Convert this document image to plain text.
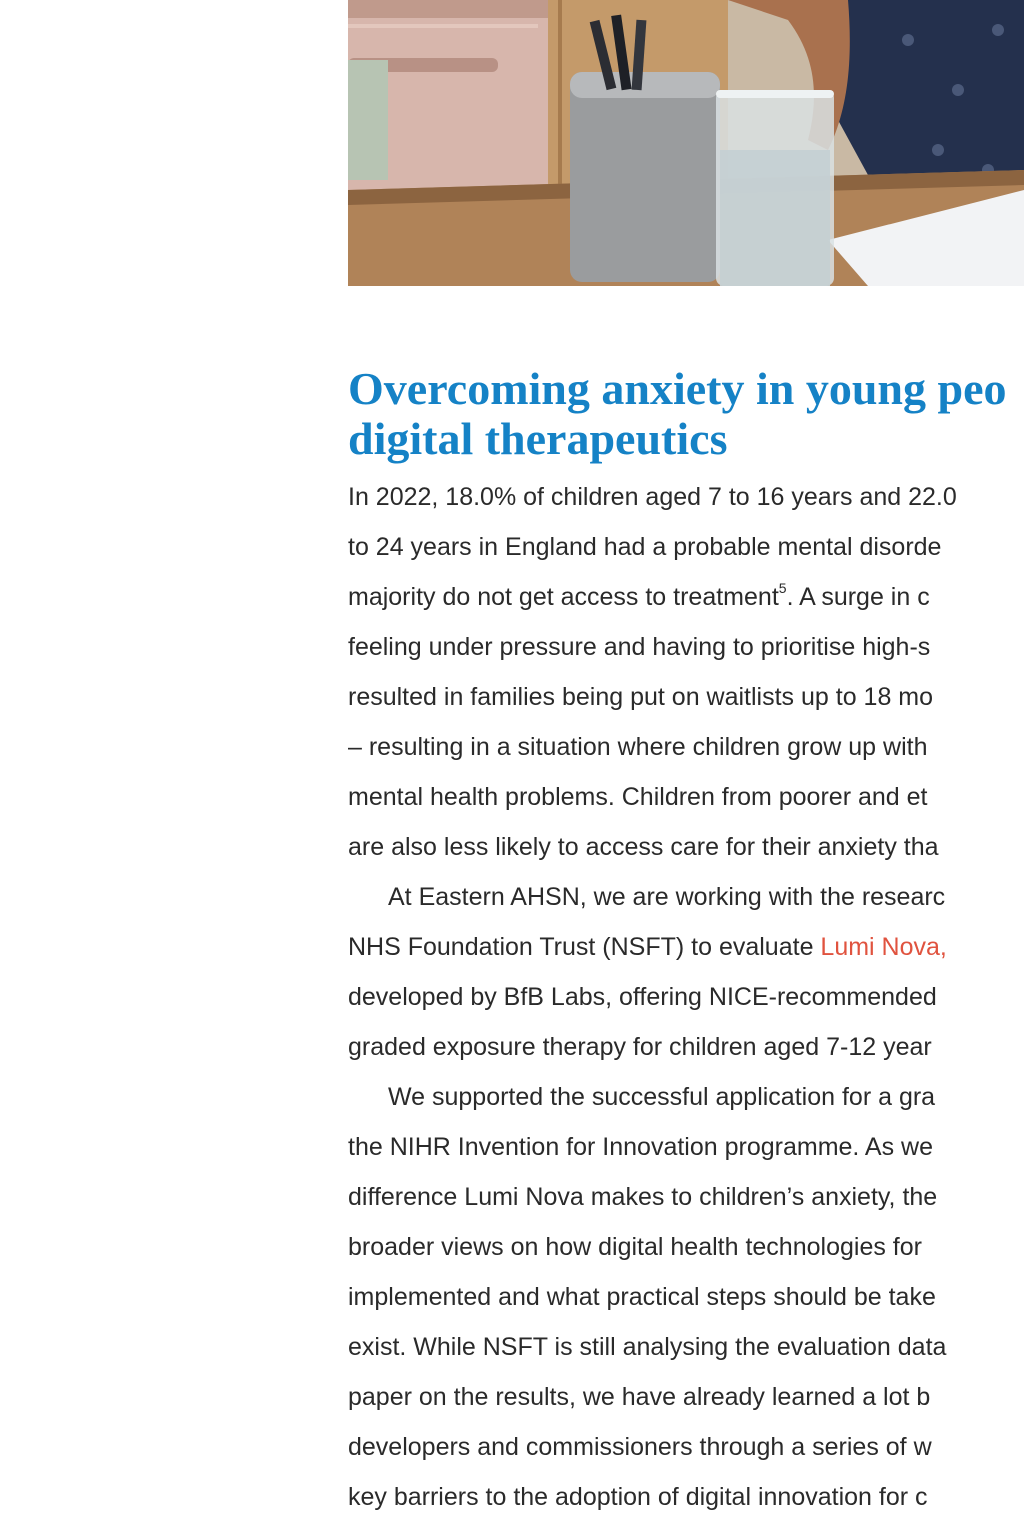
Overcoming anxiety in young peo
digital therapeutics
In 2022, 18.0% of children aged 7 to 16 years and 22.0
to 24 years in England had a probable mental disorde
majority do not get access to treatment$^5$. A surge in c
feeling under pressure and having to prioritise high-s
resulted in families being put on waitlists up to 18 mo
– resulting in a situation where children grow up with
mental health problems. Children from poorer and et
are also less likely to access care for their anxiety tha
At Eastern AHSN, we are working with the researc
NHS Foundation Trust (NSFT) to evaluate Lumi Nova,
developed by BfB Labs, offering NICE-recommended
graded exposure therapy for children aged 7-12 year
We supported the successful application for a gra
the NIHR Invention for Innovation programme. As we
difference Lumi Nova makes to children’s anxiety, the
broader views on how digital health technologies for
implemented and what practical steps should be take
exist. While NSFT is still analysing the evaluation data
paper on the results, we have already learned a lot b
developers and commissioners through a series of w
key barriers to the adoption of digital innovation for c
